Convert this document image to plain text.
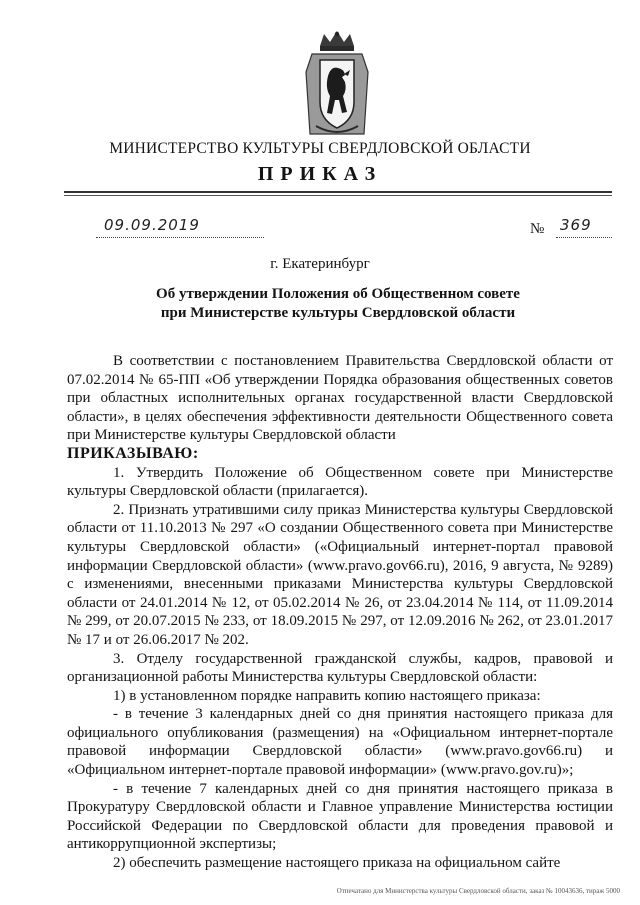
МИНИСТЕРСТВО КУЛЬТУРЫ СВЕРДЛОВСКОЙ ОБЛАСТИ
ПРИКАЗ
09.09.2019	№ 369
г. Екатеринбург
Об утверждении Положения об Общественном совете
при Министерстве культуры Свердловской области

В соответствии с постановлением Правительства Свердловской области от 07.02.2014 № 65-ПП «Об утверждении Порядка образования общественных советов при областных исполнительных органах государственной власти Свердловской области», в целях обеспечения эффективности деятельности Общественного совета при Министерстве культуры Свердловской области

ПРИКАЗЫВАЮ:

1. Утвердить Положение об Общественном совете при Министерстве культуры Свердловской области (прилагается).

2. Признать утратившими силу приказ Министерства культуры Свердловской области от 11.10.2013 № 297 «О создании Общественного совета при Министерстве культуры Свердловской области» («Официальный интернет-портал правовой информации Свердловской области» (www.pravo.gov66.ru), 2016, 9 августа, № 9289) с изменениями, внесенными приказами Министерства культуры Свердловской области от 24.01.2014 № 12, от 05.02.2014 № 26, от 23.04.2014 № 114, от 11.09.2014 № 299, от 20.07.2015 № 233, от 18.09.2015 № 297, от 12.09.2016 № 262, от 23.01.2017 № 17 и от 26.06.2017 № 202.

3. Отделу государственной гражданской службы, кадров, правовой и организационной работы Министерства культуры Свердловской области:

1) в установленном порядке направить копию настоящего приказа:

- в течение 3 календарных дней со дня принятия настоящего приказа для официального опубликования (размещения) на «Официальном интернет-портале правовой информации Свердловской области» (www.pravo.gov66.ru) и «Официальном интернет-портале правовой информации» (www.pravo.gov.ru)»;

- в течение 7 календарных дней со дня принятия настоящего приказа в Прокуратуру Свердловской области и Главное управление Министерства юстиции Российской Федерации по Свердловской области для проведения правовой и антикоррупционной экспертизы;

2) обеспечить размещение настоящего приказа на официальном сайте

Отпечатано для Министерства культуры Свердловской области, заказ № 10043636, тираж 5000
